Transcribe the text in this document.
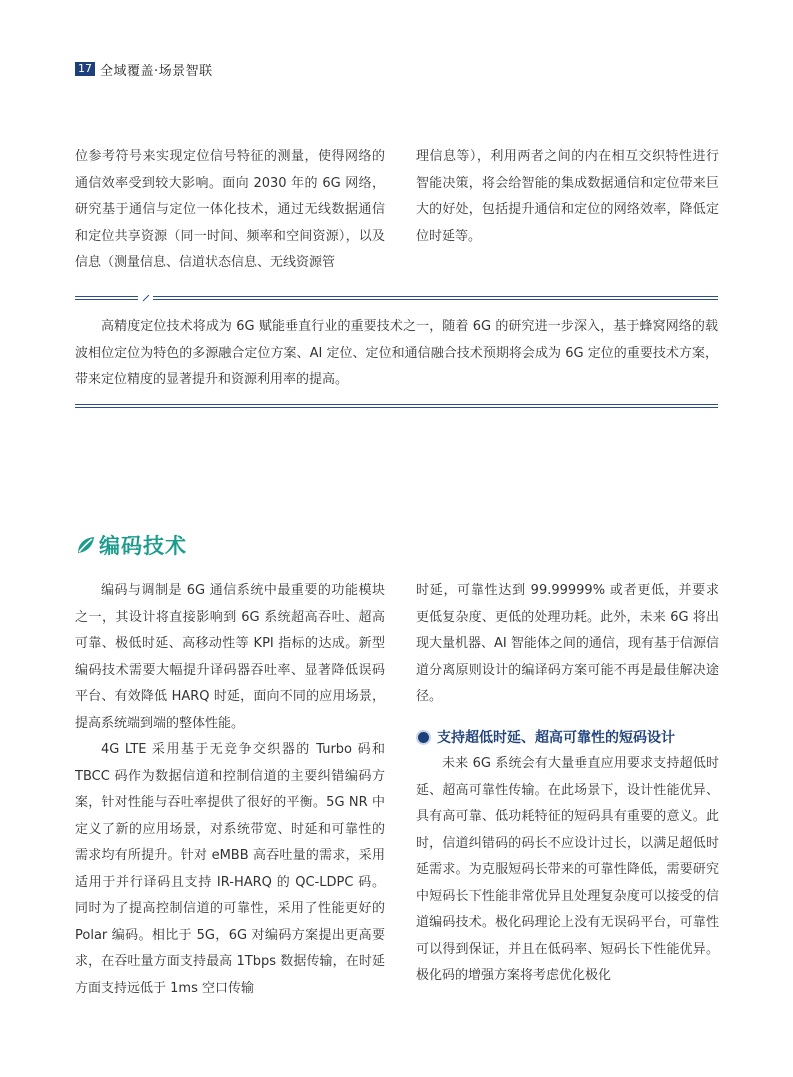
17 全域覆盖·场景智联

位参考符号来实现定位信号特征的测量，使得网络的通信效率受到较大影响。面向 2030 年的 6G 网络，研究基于通信与定位一体化技术，通过无线数据通信和定位共享资源（同一时间、频率和空间资源），以及信息（测量信息、信道状态信息、无线资源管

理信息等），利用两者之间的内在相互交织特性进行智能决策，将会给智能的集成数据通信和定位带来巨大的好处，包括提升通信和定位的网络效率，降低定位时延等。

高精度定位技术将成为 6G 赋能垂直行业的重要技术之一，随着 6G 的研究进一步深入，基于蜂窝网络的载波相位定位为特色的多源融合定位方案、AI 定位、定位和通信融合技术预期将会成为 6G 定位的重要技术方案，带来定位精度的显著提升和资源利用率的提高。

编码技术

编码与调制是 6G 通信系统中最重要的功能模块之一，其设计将直接影响到 6G 系统超高吞吐、超高可靠、极低时延、高移动性等 KPI 指标的达成。新型编码技术需要大幅提升译码器吞吐率、显著降低误码平台、有效降低 HARQ 时延，面向不同的应用场景，提高系统端到端的整体性能。

4G LTE 采用基于无竞争交织器的 Turbo 码和 TBCC 码作为数据信道和控制信道的主要纠错编码方案，针对性能与吞吐率提供了很好的平衡。5G NR 中定义了新的应用场景，对系统带宽、时延和可靠性的需求均有所提升。针对 eMBB 高吞吐量的需求，采用适用于并行译码且支持 IR-HARQ 的 QC-LDPC 码。同时为了提高控制信道的可靠性，采用了性能更好的 Polar 编码。相比于 5G，6G 对编码方案提出更高要求，在吞吐量方面支持最高 1Tbps 数据传输，在时延方面支持远低于 1ms 空口传输

时延，可靠性达到 99.99999% 或者更低，并要求更低复杂度、更低的处理功耗。此外，未来 6G 将出现大量机器、AI 智能体之间的通信，现有基于信源信道分离原则设计的编译码方案可能不再是最佳解决途径。

支持超低时延、超高可靠性的短码设计

未来 6G 系统会有大量垂直应用要求支持超低时延、超高可靠性传输。在此场景下，设计性能优异、具有高可靠、低功耗特征的短码具有重要的意义。此时，信道纠错码的码长不应设计过长，以满足超低时延需求。为克服短码长带来的可靠性降低，需要研究中短码长下性能非常优异且处理复杂度可以接受的信道编码技术。极化码理论上没有无误码平台，可靠性可以得到保证，并且在低码率、短码长下性能优异。极化码的增强方案将考虑优化极化
